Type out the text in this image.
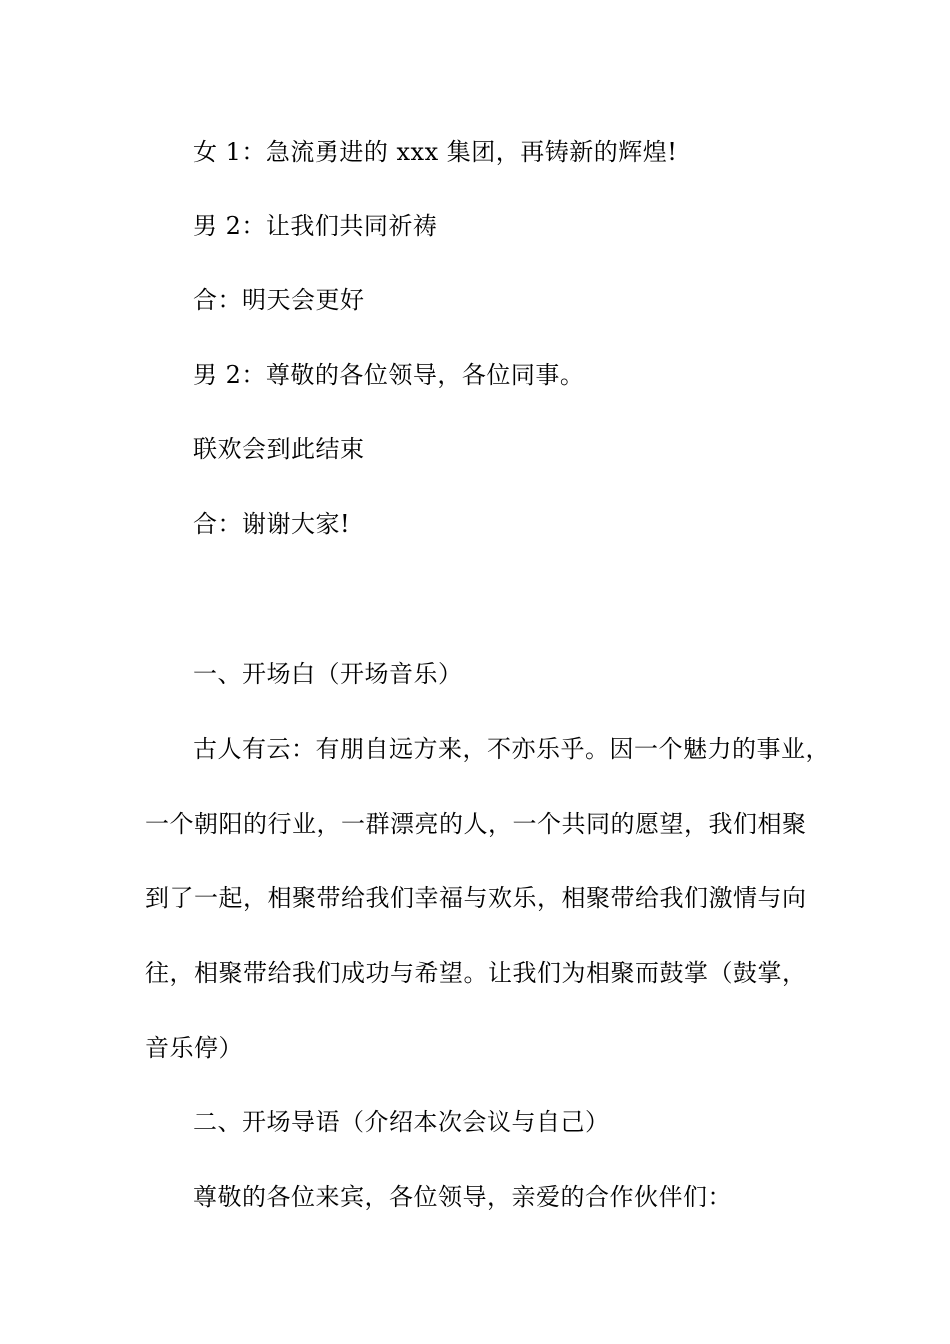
女 1：急流勇进的 xxx 集团，再铸新的辉煌!

男 2：让我们共同祈祷

合：明天会更好

男 2：尊敬的各位领导，各位同事。

联欢会到此结束

合：谢谢大家!

一、开场白（开场音乐）

古人有云：有朋自远方来，不亦乐乎。因一个魅力的事业，

一个朝阳的行业，一群漂亮的人，一个共同的愿望，我们相聚

到了一起，相聚带给我们幸福与欢乐，相聚带给我们激情与向

往，相聚带给我们成功与希望。让我们为相聚而鼓掌（鼓掌，

音乐停）

二、开场导语（介绍本次会议与自己）

尊敬的各位来宾，各位领导，亲爱的合作伙伴们：
